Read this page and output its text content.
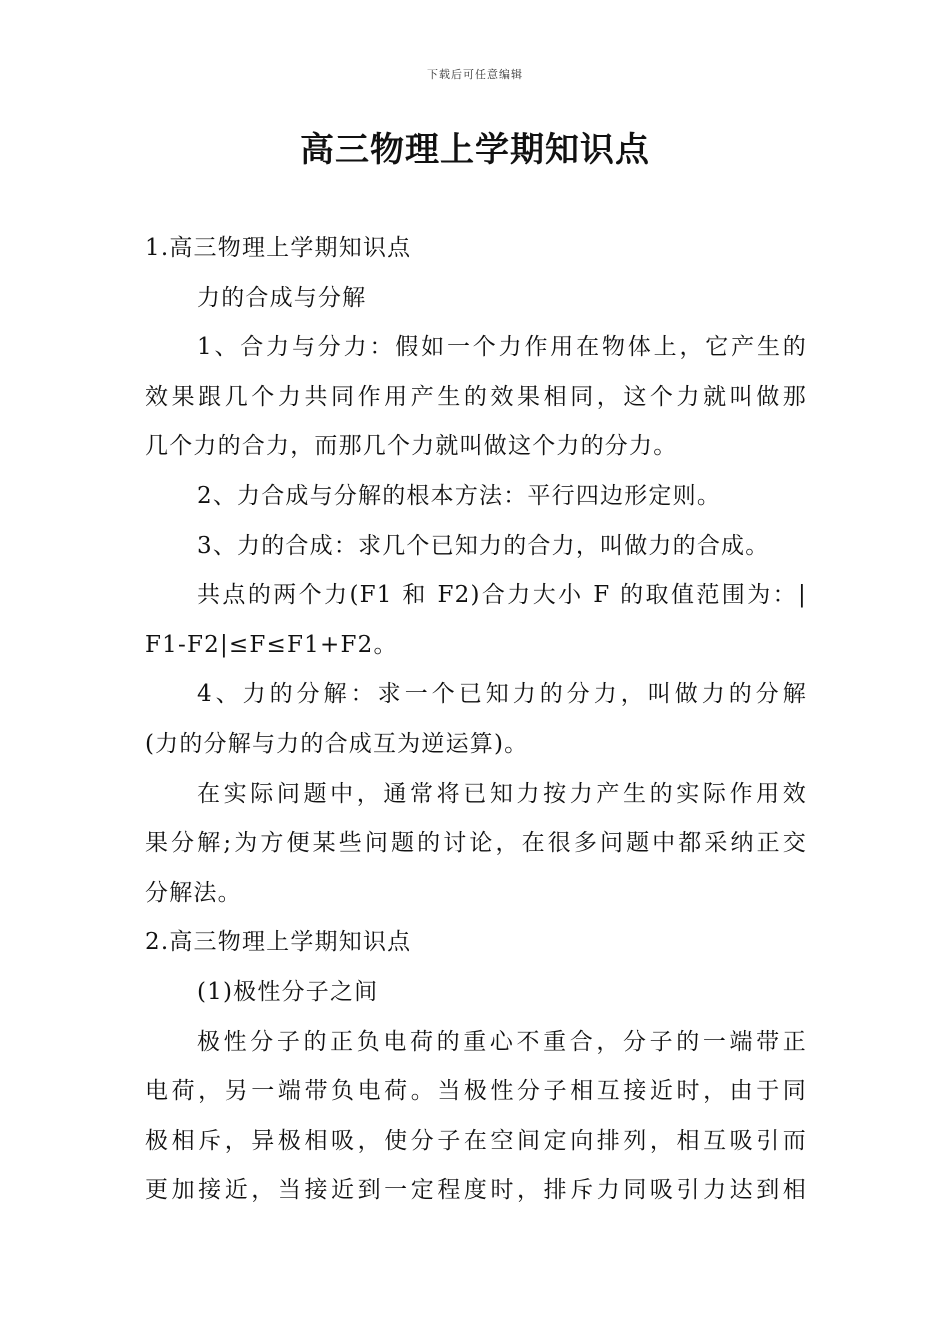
下载后可任意编辑
高三物理上学期知识点
1.高三物理上学期知识点
力的合成与分解
1、合力与分力：假如一个力作用在物体上，它产生的
效果跟几个力共同作用产生的效果相同，这个力就叫做那
几个力的合力，而那几个力就叫做这个力的分力。
2、力合成与分解的根本方法：平行四边形定则。
3、力的合成：求几个已知力的合力，叫做力的合成。
共点的两个力(F1 和 F2)合力大小 F 的取值范围为：|
F1-F2|≤F≤F1+F2。
4、力的分解：求一个已知力的分力，叫做力的分解
(力的分解与力的合成互为逆运算)。
在实际问题中，通常将已知力按力产生的实际作用效
果分解;为方便某些问题的讨论，在很多问题中都采纳正交
分解法。
2.高三物理上学期知识点
(1)极性分子之间
极性分子的正负电荷的重心不重合，分子的一端带正
电荷，另一端带负电荷。当极性分子相互接近时，由于同
极相斥，异极相吸，使分子在空间定向排列，相互吸引而
更加接近，当接近到一定程度时，排斥力同吸引力达到相
